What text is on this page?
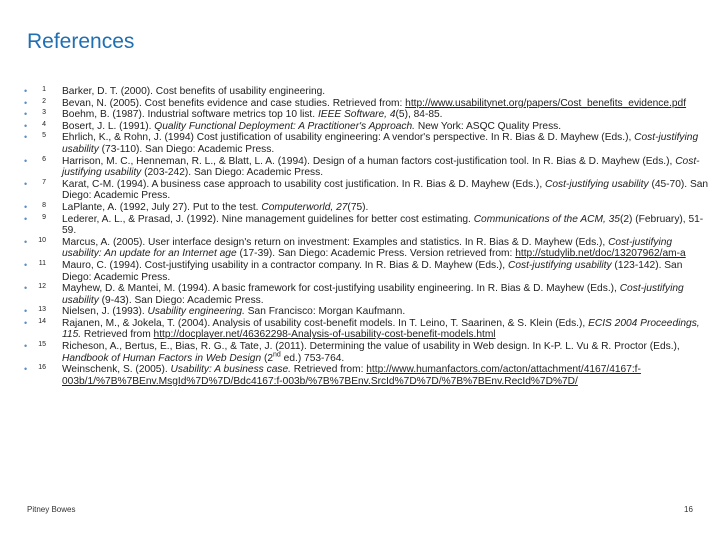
References
•	1 Barker, D. T. (2000). Cost benefits of usability engineering.
•	2 Bevan, N. (2005). Cost benefits evidence and case studies. Retrieved from: http://www.usabilitynet.org/papers/Cost_benefits_evidence.pdf
•	3 Boehm, B. (1987). Industrial software metrics top 10 list. IEEE Software, 4(5), 84-85.
•	4 Bosert, J. L. (1991). Quality Functional Deployment: A Practitioner's Approach. New York: ASQC Quality Press.
•	5 Ehrlich, K., & Rohn, J. (1994) Cost justification of usability engineering: A vendor's perspective. In R. Bias & D. Mayhew (Eds.), Cost-justifying usability (73-110). San Diego: Academic Press.
•	6 Harrison, M. C., Henneman, R. L., & Blatt, L. A. (1994). Design of a human factors cost-justification tool. In R. Bias & D. Mayhew (Eds.), Cost-justifying usability (203-242). San Diego: Academic Press.
•	7 Karat, C-M. (1994). A business case approach to usability cost justification. In R. Bias & D. Mayhew (Eds.), Cost-justifying usability (45-70). San Diego: Academic Press.
•	8 LaPlante, A. (1992, July 27). Put to the test. Computerworld, 27(75).
•	9 Lederer, A. L., & Prasad, J. (1992). Nine management guidelines for better cost estimating. Communications of the ACM, 35(2) (February), 51-59.
•	10 Marcus, A. (2005). User interface design's return on investment: Examples and statistics. In R. Bias & D. Mayhew (Eds.), Cost-justifying usability: An update for an Internet age (17-39). San Diego: Academic Press. Version retrieved from: http://studylib.net/doc/13207962/am-a
•	11 Mauro, C. (1994). Cost-justifying usability in a contractor company. In R. Bias & D. Mayhew (Eds.), Cost-justifying usability (123-142). San Diego: Academic Press.
•	12 Mayhew, D. & Mantei, M. (1994). A basic framework for cost-justifying usability engineering. In R. Bias & D. Mayhew (Eds.), Cost-justifying usability (9-43). San Diego: Academic Press.
•	13 Nielsen, J. (1993). Usability engineering. San Francisco: Morgan Kaufmann.
•	14 Rajanen, M., & Jokela, T. (2004). Analysis of usability cost-benefit models. In T. Leino, T. Saarinen, & S. Klein (Eds.), ECIS 2004 Proceedings, 115. Retrieved from http://docplayer.net/46362298-Analysis-of-usability-cost-benefit-models.html
•	15 Richeson, A., Bertus, E., Bias, R. G., & Tate, J. (2011). Determining the value of usability in Web design. In K-P. L. Vu & R. Proctor (Eds.), Handbook of Human Factors in Web Design (2nd ed.) 753-764.
•	16 Weinschenk, S. (2005). Usability: A business case. Retrieved from: http://www.humanfactors.com/acton/attachment/4167/4167:f-003b/1/%7B%7BEnv.MsgId%7D%7D/Bdc4167:f-003b/%7B%7BEnv.SrcId%7D%7D/%7B%7BEnv.RecId%7D%7D/
Pitney Bowes	16
